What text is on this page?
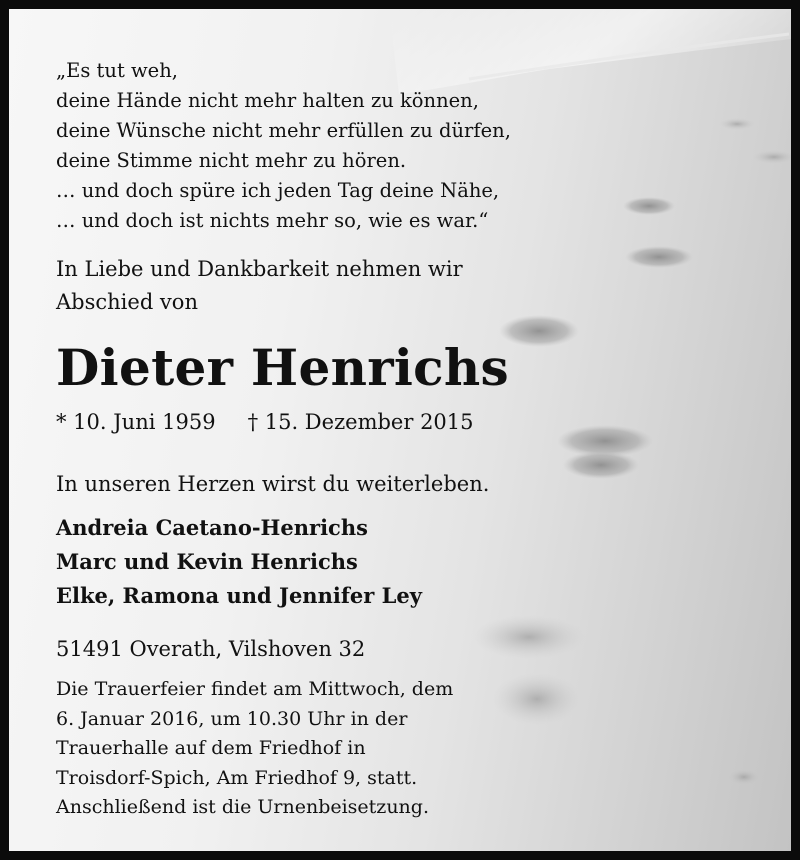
„Es tut weh,
deine Hände nicht mehr halten zu können,
deine Wünsche nicht mehr erfüllen zu dürfen,
deine Stimme nicht mehr zu hören.
… und doch spüre ich jeden Tag deine Nähe,
… und doch ist nichts mehr so, wie es war.“
In Liebe und Dankbarkeit nehmen wir
Abschied von
Dieter Henrichs
* 10. Juni 1959 † 15. Dezember 2015
In unseren Herzen wirst du weiterleben.
Andreia Caetano-Henrichs
Marc und Kevin Henrichs
Elke, Ramona und Jennifer Ley
51491 Overath, Vilshoven 32
Die Trauerfeier findet am Mittwoch, dem
6. Januar 2016, um 10.30 Uhr in der
Trauerhalle auf dem Friedhof in
Troisdorf-Spich, Am Friedhof 9, statt.
Anschließend ist die Urnenbeisetzung.
